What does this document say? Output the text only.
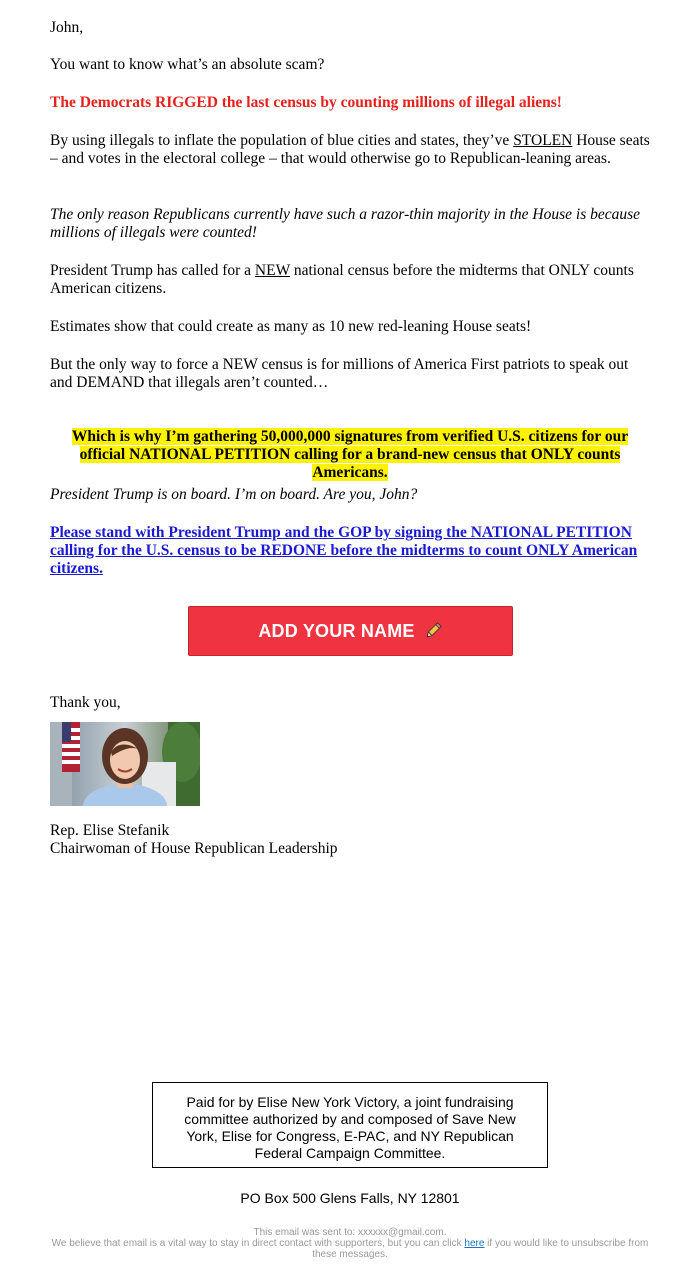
John,

You want to know what’s an absolute scam?

The Democrats RIGGED the last census by counting millions of illegal aliens!

By using illegals to inflate the population of blue cities and states, they’ve STOLEN House seats – and votes in the electoral college – that would otherwise go to Republican-leaning areas.

The only reason Republicans currently have such a razor-thin majority in the House is because millions of illegals were counted!

President Trump has called for a NEW national census before the midterms that ONLY counts American citizens.

Estimates show that could create as many as 10 new red-leaning House seats!

But the only way to force a NEW census is for millions of America First patriots to speak out and DEMAND that illegals aren’t counted…

Which is why I’m gathering 50,000,000 signatures from verified U.S. citizens for our official NATIONAL PETITION calling for a brand-new census that ONLY counts Americans.

President Trump is on board. I’m on board. Are you, John?

Please stand with President Trump and the GOP by signing the NATIONAL PETITION calling for the U.S. census to be REDONE before the midterms to count ONLY American citizens.

ADD YOUR NAME

Thank you,

Rep. Elise Stefanik

Chairwoman of House Republican Leadership

Paid for by Elise New York Victory, a joint fundraising committee authorized by and composed of Save New York, Elise for Congress, E-PAC, and NY Republican Federal Campaign Committee.
PO Box 500 Glens Falls, NY 12801
This email was sent to: xxxxxx@gmail.com.
We believe that email is a vital way to stay in direct contact with supporters, but you can click here if you would like to unsubscribe from these messages.
